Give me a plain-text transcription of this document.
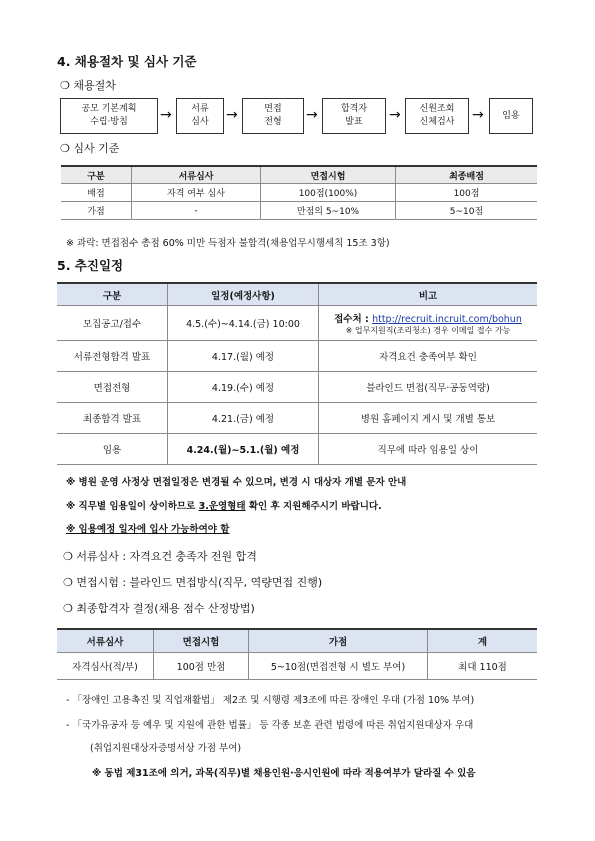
4. 채용절차 및 심사 기준
❍ 채용절차
공모 기본계획
수립·방침 → 서류
심사 →	면접
전형 →	합격자
발표 → 신원조회
신체검사 → 임용
❍ 심사 기준
구분	서류심사	면접시험	최종배점
배점	자격 여부 심사	100점(100%)	100점
가점	-	만점의 5~10%	5~10점
※ 과락: 면접점수 총점 60% 미만 득점자 불합격(채용업무시행세칙 15조 3항)
5. 추진일정
구분	일정(예정사항)	비고
모집공고/접수	4.5.(수)~4.14.(금) 10:00	접수처 : http://recruit.incruit.com/bohun
※ 업무지원직(조리청소) 경우 이메일 접수 가능

서류전형합격 발표	4.17.(월) 예정	자격요건 충족여부 확인
면접전형	4.19.(수) 예정	블라인드 면접(직무·공동역량)
최종합격 발표	4.21.(금) 예정	병원 홈페이지 게시 및 개별 통보
임용	4.24.(월)~5.1.(월) 예정	직무에 따라 임용일 상이
※ 병원 운영 사정상 면접일정은 변경될 수 있으며, 변경 시 대상자 개별 문자 안내
※ 직무별 임용일이 상이하므로 3.운영형태 확인 후 지원해주시기 바랍니다.
※ 임용예정 일자에 입사 가능하여야 함
❍ 서류심사 : 자격요건 충족자 전원 합격
❍ 면접시험 : 블라인드 면접방식(직무, 역량면접 진행)
❍ 최종합격자 결정(채용 점수 산정방법)
서류심사	면접시험	가점	계
자격심사(적/부)	100점 만점	5~10점(면접전형 시 별도 부여)	최대 110점
- 「장애인 고용촉진 및 직업재활법」 제2조 및 시행령 제3조에 따른 장애인 우대 (가점 10% 부여)
- 「국가유공자 등 예우 및 지원에 관한 법률」 등 각종 보훈 관련 법령에 따른 취업지원대상자 우대
(취업지원대상자증명서상 가점 부여)
※ 동법 제31조에 의거, 과목(직무)별 채용인원·응시인원에 따라 적용여부가 달라질 수 있음
